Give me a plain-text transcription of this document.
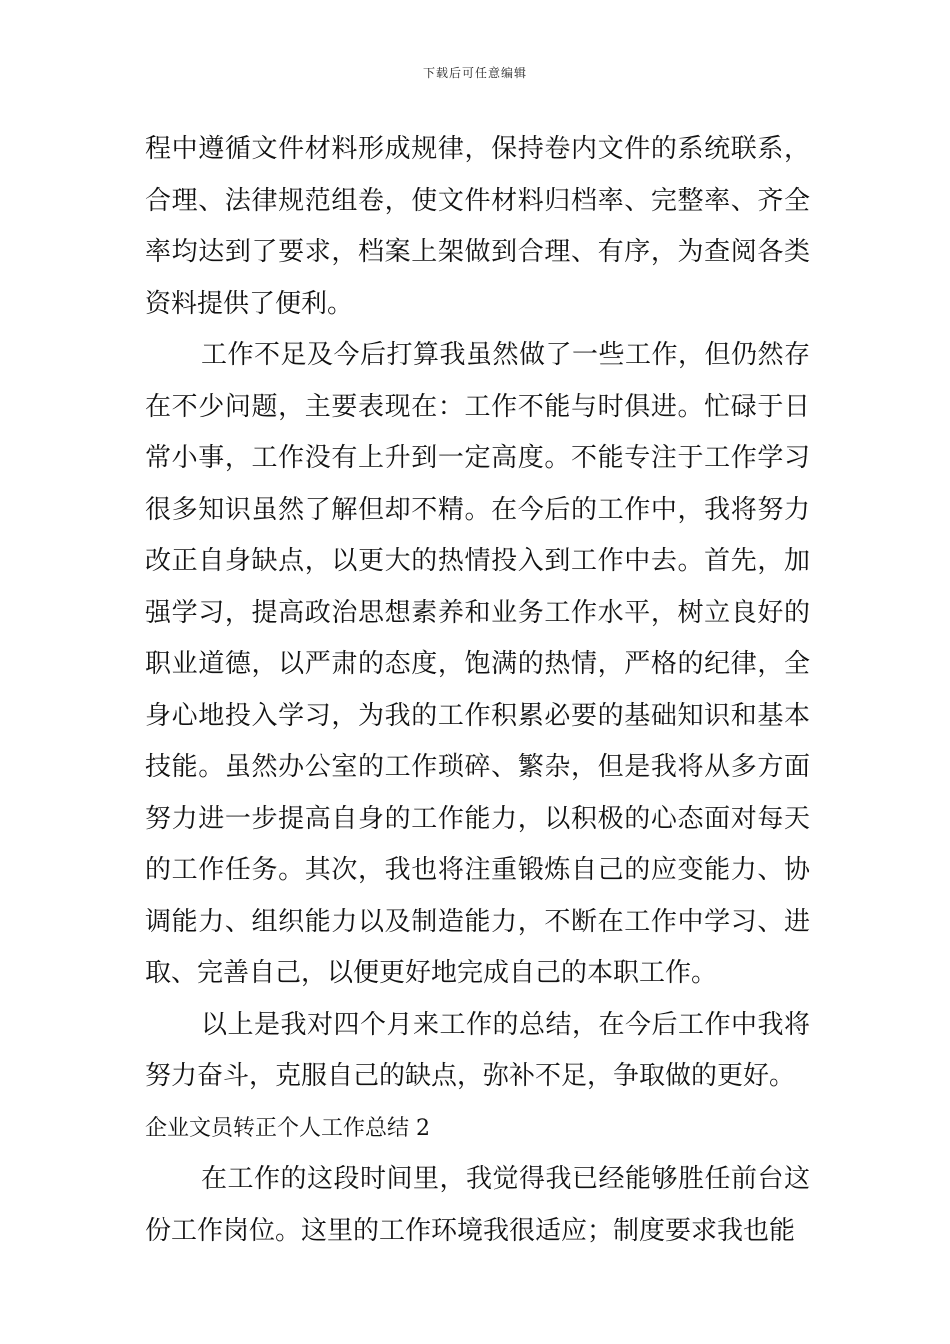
下载后可任意编辑

程中遵循文件材料形成规律，保持卷内文件的系统联系，合理、法律规范组卷，使文件材料归档率、完整率、齐全率均达到了要求，档案上架做到合理、有序，为查阅各类资料提供了便利。

工作不足及今后打算我虽然做了一些工作，但仍然存在不少问题，主要表现在：工作不能与时俱进。忙碌于日常小事，工作没有上升到一定高度。不能专注于工作学习很多知识虽然了解但却不精。在今后的工作中，我将努力改正自身缺点，以更大的热情投入到工作中去。首先，加强学习，提高政治思想素养和业务工作水平，树立良好的职业道德，以严肃的态度，饱满的热情，严格的纪律，全身心地投入学习，为我的工作积累必要的基础知识和基本技能。虽然办公室的工作琐碎、繁杂，但是我将从多方面努力进一步提高自身的工作能力，以积极的心态面对每天的工作任务。其次，我也将注重锻炼自己的应变能力、协调能力、组织能力以及制造能力，不断在工作中学习、进取、完善自己，以便更好地完成自己的本职工作。

以上是我对四个月来工作的总结，在今后工作中我将努力奋斗，克服自己的缺点，弥补不足，争取做的更好。

企业文员转正个人工作总结 2

在工作的这段时间里，我觉得我已经能够胜任前台这份工作岗位。这里的工作环境我很适应；制度要求我也能
